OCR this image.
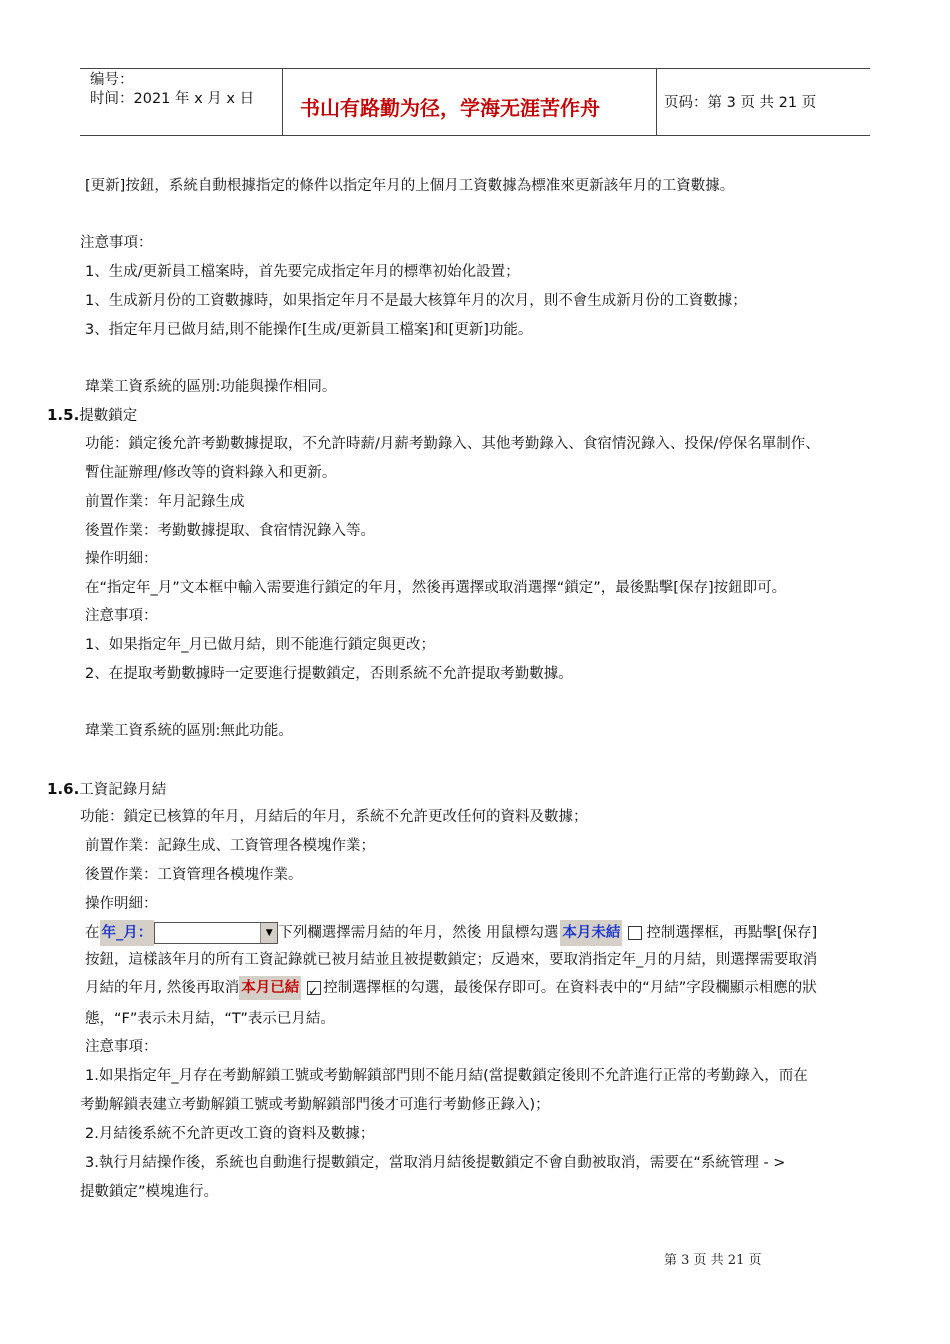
编号：
时间：2021 年 x 月 x 日 书山有路勤为径，学海无涯苦作舟	页码：第 3 页 共 21 页
[更新]按鈕，系統自動根據指定的條件以指定年月的上個月工資數據為標准來更新該年月的工資數據。
注意事項：
1、生成/更新員工檔案時，首先要完成指定年月的標準初始化設置；
1、生成新月份的工資數據時，如果指定年月不是最大核算年月的次月，則不會生成新月份的工資數據；
3、指定年月已做月結,則不能操作[生成/更新員工檔案]和[更新]功能。
瑋業工資系統的區別:功能與操作相同。
1.5.提數鎖定
功能：鎖定後允許考勤數據提取，不允許時薪/月薪考勤錄入、其他考勤錄入、食宿情況錄入、投保/停保名單制作、
暫住証辦理/修改等的資料錄入和更新。
前置作業：年月記錄生成
後置作業：考勤數據提取、食宿情況錄入等。
操作明細：
在“指定年_月”文本框中輸入需要進行鎖定的年月，然後再選擇或取消選擇“鎖定”，最後點擊[保存]按鈕即可。
注意事項：
1、如果指定年_月已做月結，則不能進行鎖定與更改；
2、在提取考勤數據時一定要進行提數鎖定，否則系統不允許提取考勤數據。
瑋業工資系統的區別:無此功能。
1.6.工資記錄月結
功能：鎖定已核算的年月，月結后的年月，系統不允許更改任何的資料及數據；
前置作業：記錄生成、工資管理各模塊作業；
後置作業：工資管理各模塊作業。
操作明細：
在 年_月：	▼ 下列欄選擇需月結的年月，然後 用鼠標勾選 本月未結 控制選擇框，再點擊[保存]
按鈕，這樣該年月的所有工資記錄就已被月結並且被提數鎖定；反過來，要取消指定年_月的月結，則選擇需要取消
月結的年月, 然後再取消 本月已結✓ 控制選擇框的勾選，最後保存即可。在資料表中的“月結”字段欄顯示相應的狀
態，“F”表示未月結，“T”表示已月結。
注意事項：
1.如果指定年_月存在考勤解鎖工號或考勤解鎖部門則不能月結(當提數鎖定後則不允許進行正常的考勤錄入，而在
考勤解鎖表建立考勤解鎖工號或考勤解鎖部門後才可進行考勤修正錄入)；
2.月結後系統不允許更改工資的資料及數據；
3.執行月結操作後，系統也自動進行提數鎖定，當取消月結後提數鎖定不會自動被取消，需要在“系統管理 - >
提數鎖定”模塊進行。
第 3 页 共 21 页
